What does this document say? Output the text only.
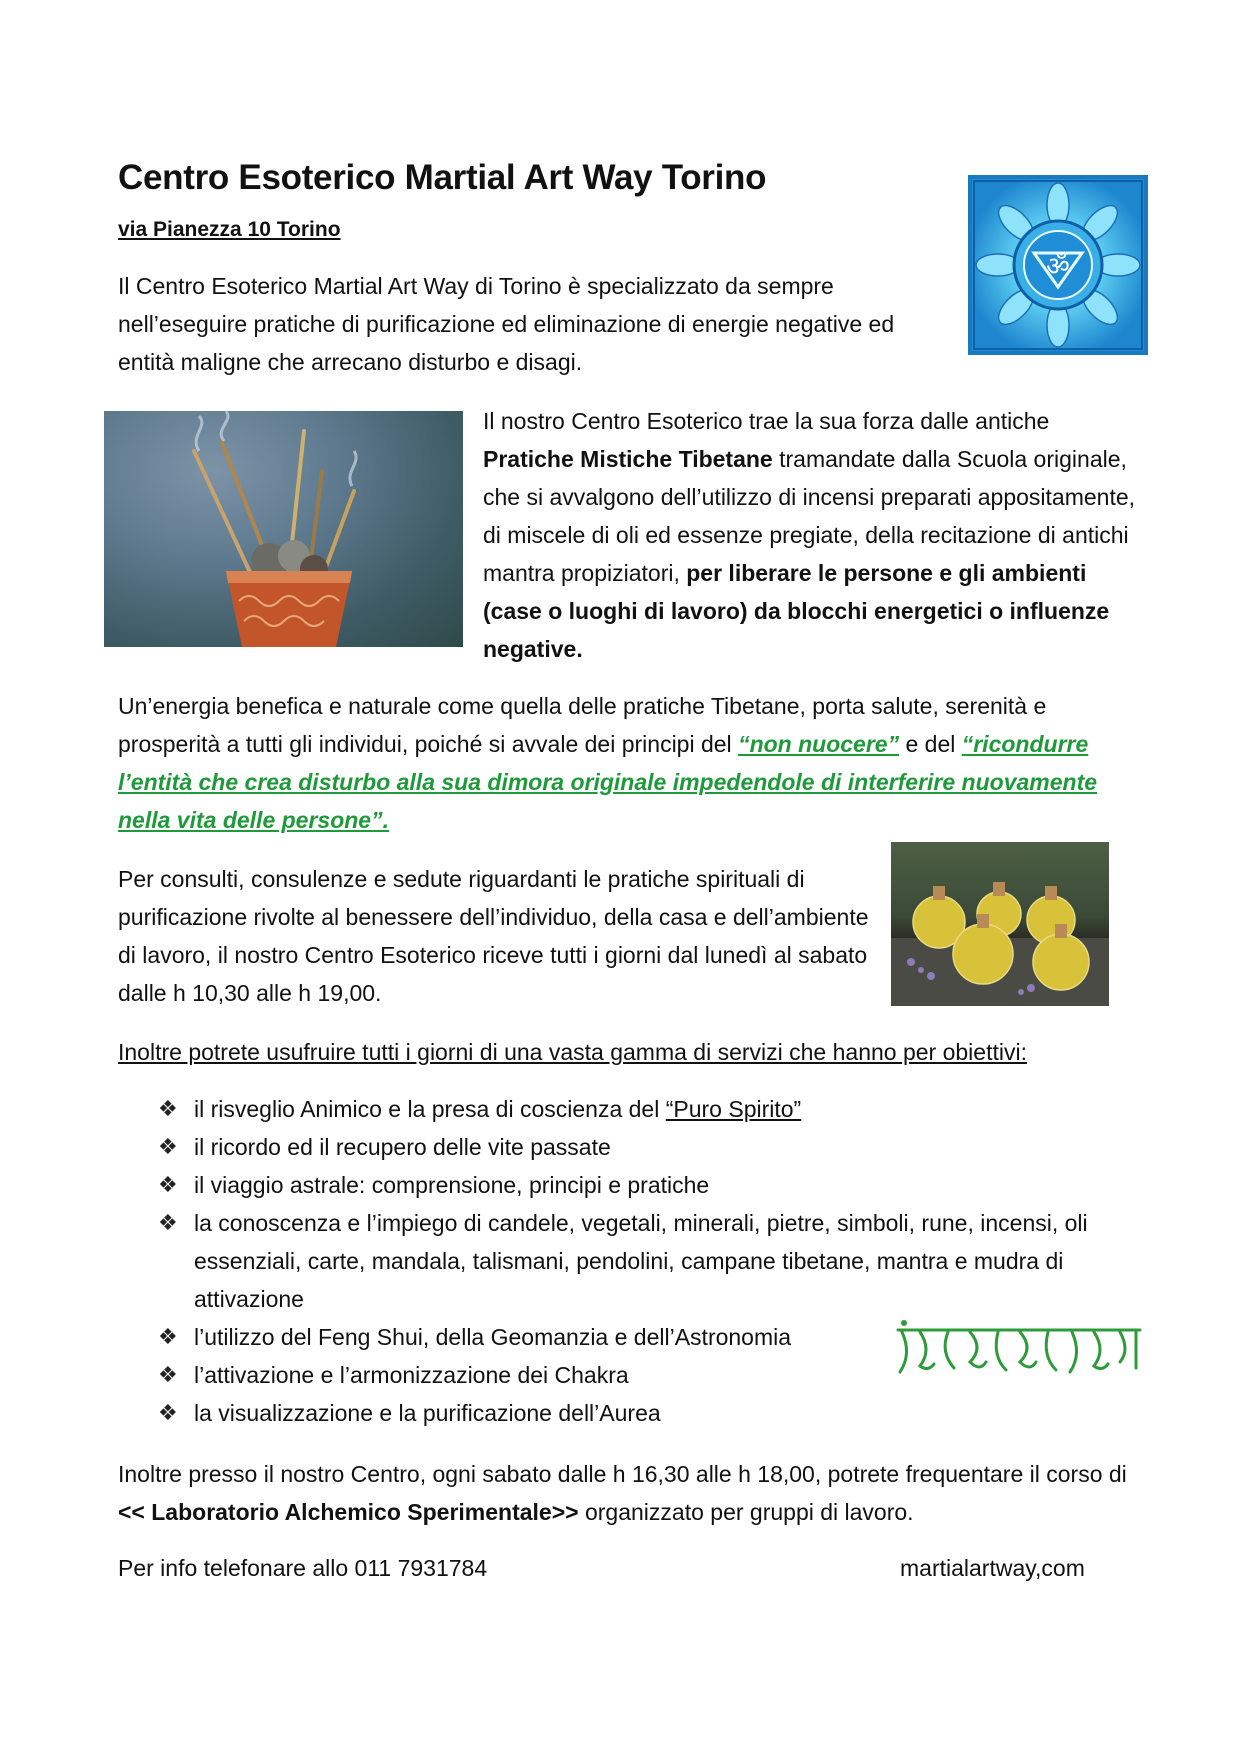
Centro Esoterico Martial Art Way Torino
via Pianezza 10 Torino
ॐ

Il Centro Esoterico Martial Art Way di Torino è specializzato da sempre nell’eseguire pratiche di purificazione ed eliminazione di energie negative ed entità maligne che arrecano disturbo e disagi.

Il nostro Centro Esoterico trae la sua forza dalle antiche Pratiche Mistiche Tibetane tramandate dalla Scuola originale, che si avvalgono dell’utilizzo di incensi preparati appositamente, di miscele di oli ed essenze pregiate, della recitazione di antichi mantra propiziatori, per liberare le persone e gli ambienti (case o luoghi di lavoro) da blocchi energetici o influenze negative.

Un’energia benefica e naturale come quella delle pratiche Tibetane, porta salute, serenità e prosperità a tutti gli individui, poiché si avvale dei principi del “non nuocere” e del “ricondurre l’entità che crea disturbo alla sua dimora originale impedendole di interferire nuovamente nella vita delle persone”.

Per consulti, consulenze e sedute riguardanti le pratiche spirituali di purificazione rivolte al benessere dell’individuo, della casa e dell’ambiente di lavoro, il nostro Centro Esoterico riceve tutti i giorni dal lunedì al sabato dalle h 10,30 alle h 19,00.

Inoltre potrete usufruire tutti i giorni di una vasta gamma di servizi che hanno per obiettivi:

❖ il risveglio Animico e la presa di coscienza del “Puro Spirito”
❖ il ricordo ed il recupero delle vite passate
❖ il viaggio astrale: comprensione, principi e pratiche
❖ la conoscenza e l’impiego di candele, vegetali, minerali, pietre, simboli, rune, incensi, oli essenziali, carte, mandala, talismani, pendolini, campane tibetane, mantra e mudra di attivazione
❖ l’utilizzo del Feng Shui, della Geomanzia e dell’Astronomia
❖ l’attivazione e l’armonizzazione dei Chakra
❖ la visualizzazione e la purificazione dell’Aurea

Inoltre presso il nostro Centro, ogni sabato dalle h 16,30 alle h 18,00, potrete frequentare il corso di << Laboratorio Alchemico Sperimentale>> organizzato per gruppi di lavoro.

Per info telefonare allo 011 7931784	martialartway,com
